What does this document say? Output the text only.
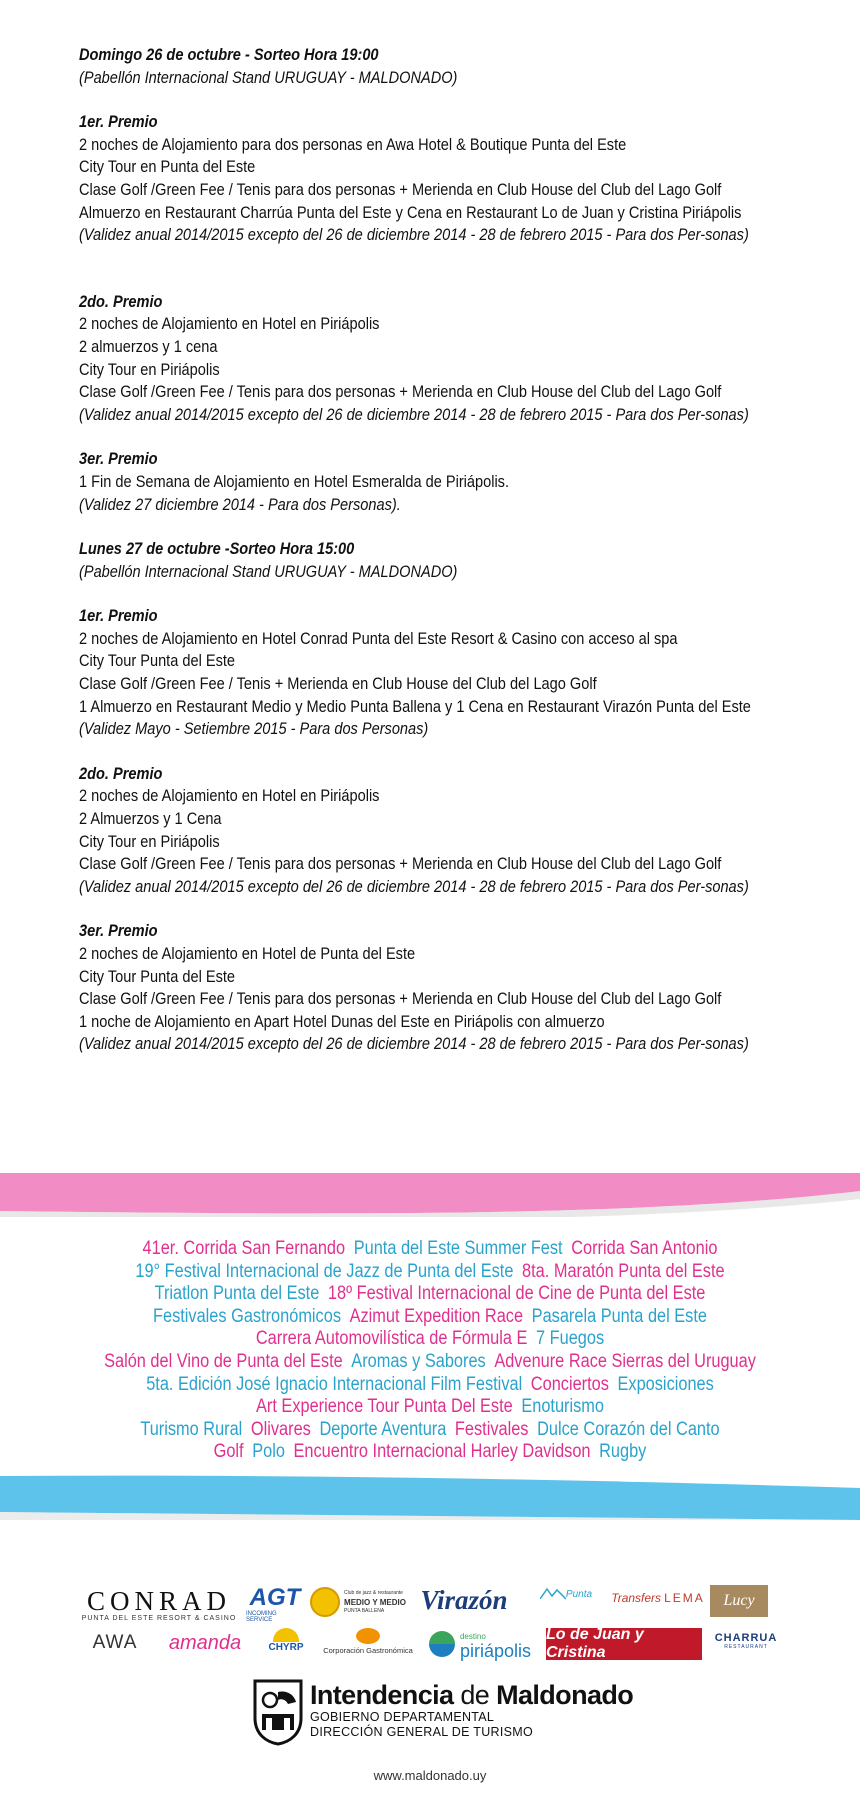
Domingo 26 de octubre - Sorteo Hora 19:00
(Pabellón Internacional Stand URUGUAY - MALDONADO)
1er. Premio
2 noches de Alojamiento para dos personas en Awa Hotel & Boutique Punta del Este
City Tour en Punta del Este
Clase Golf /Green Fee / Tenis para dos personas + Merienda en Club House del Club del Lago Golf
Almuerzo en Restaurant Charrúa Punta del Este y Cena en Restaurant Lo de Juan y Cristina Piriápolis
(Validez anual 2014/2015 excepto del 26 de diciembre 2014 - 28 de febrero 2015 - Para dos Per-sonas)
2do. Premio
2 noches de Alojamiento en Hotel en Piriápolis
2 almuerzos y 1 cena
City Tour en Piriápolis
Clase Golf /Green Fee / Tenis para dos personas + Merienda en Club House del Club del Lago Golf
(Validez anual 2014/2015 excepto del 26 de diciembre 2014 - 28 de febrero 2015 - Para dos Per-sonas)
3er. Premio
1 Fin de Semana de Alojamiento en Hotel Esmeralda de Piriápolis.
(Validez 27 diciembre 2014 - Para dos Personas).
Lunes 27 de octubre -Sorteo Hora 15:00
(Pabellón Internacional Stand URUGUAY - MALDONADO)
1er. Premio
2 noches de Alojamiento en Hotel Conrad Punta del Este Resort & Casino con acceso al spa
City Tour Punta del Este
Clase Golf /Green Fee / Tenis + Merienda en Club House del Club del Lago Golf
1 Almuerzo en Restaurant Medio y Medio Punta Ballena y 1 Cena en Restaurant Virazón Punta del Este
(Validez Mayo - Setiembre 2015 - Para dos Personas)
2do. Premio
2 noches de Alojamiento en Hotel en Piriápolis
2 Almuerzos y 1 Cena
City Tour en Piriápolis
Clase Golf /Green Fee / Tenis para dos personas + Merienda en Club House del Club del Lago Golf
(Validez anual 2014/2015 excepto del 26 de diciembre 2014 - 28 de febrero 2015 - Para dos Per-sonas)
3er. Premio
2 noches de Alojamiento en Hotel de Punta del Este
City Tour Punta del Este
Clase Golf /Green Fee / Tenis para dos personas + Merienda en Club House del Club del Lago Golf
1 noche de Alojamiento en Apart Hotel Dunas del Este en Piriápolis con almuerzo
(Validez anual 2014/2015 excepto del 26 de diciembre 2014 - 28 de febrero 2015 - Para dos Per-sonas)
41er. Corrida San Fernando Punta del Este Summer Fest Corrida San Antonio
19° Festival Internacional de Jazz de Punta del Este 8ta. Maratón Punta del Este
Triatlon Punta del Este 18º Festival Internacional de Cine de Punta del Este
Festivales Gastronómicos Azimut Expedition Race Pasarela Punta del Este
Carrera Automovilística de Fórmula E 7 Fuegos
Salón del Vino de Punta del Este Aromas y Sabores Advenure Race Sierras del Uruguay
5ta. Edición José Ignacio Internacional Film Festival Conciertos Exposiciones
Art Experience Tour Punta Del Este Enoturismo
Turismo Rural Olivares Deporte Aventura Festivales Dulce Corazón del Canto
Golf Polo Encuentro Internacional Harley Davidson Rugby
CONRAD
PUNTA DEL ESTE RESORT & CASINO
AGT
INCOMING SERVICE
Club de jazz & restaurante
MEDIO Y MEDIO
PUNTA BALLENA	Virazón	Punta Transfers LEMA	Lucy
AWA	amanda	CHYRP	Corporación Gastronómica
destino
piriápolis
Lo de Juan y Cristina
CHARRUA
RESTAURANT
Intendencia de Maldonado
GOBIERNO DEPARTAMENTAL
DIRECCIÓN GENERAL DE TURISMO
www.maldonado.uy
